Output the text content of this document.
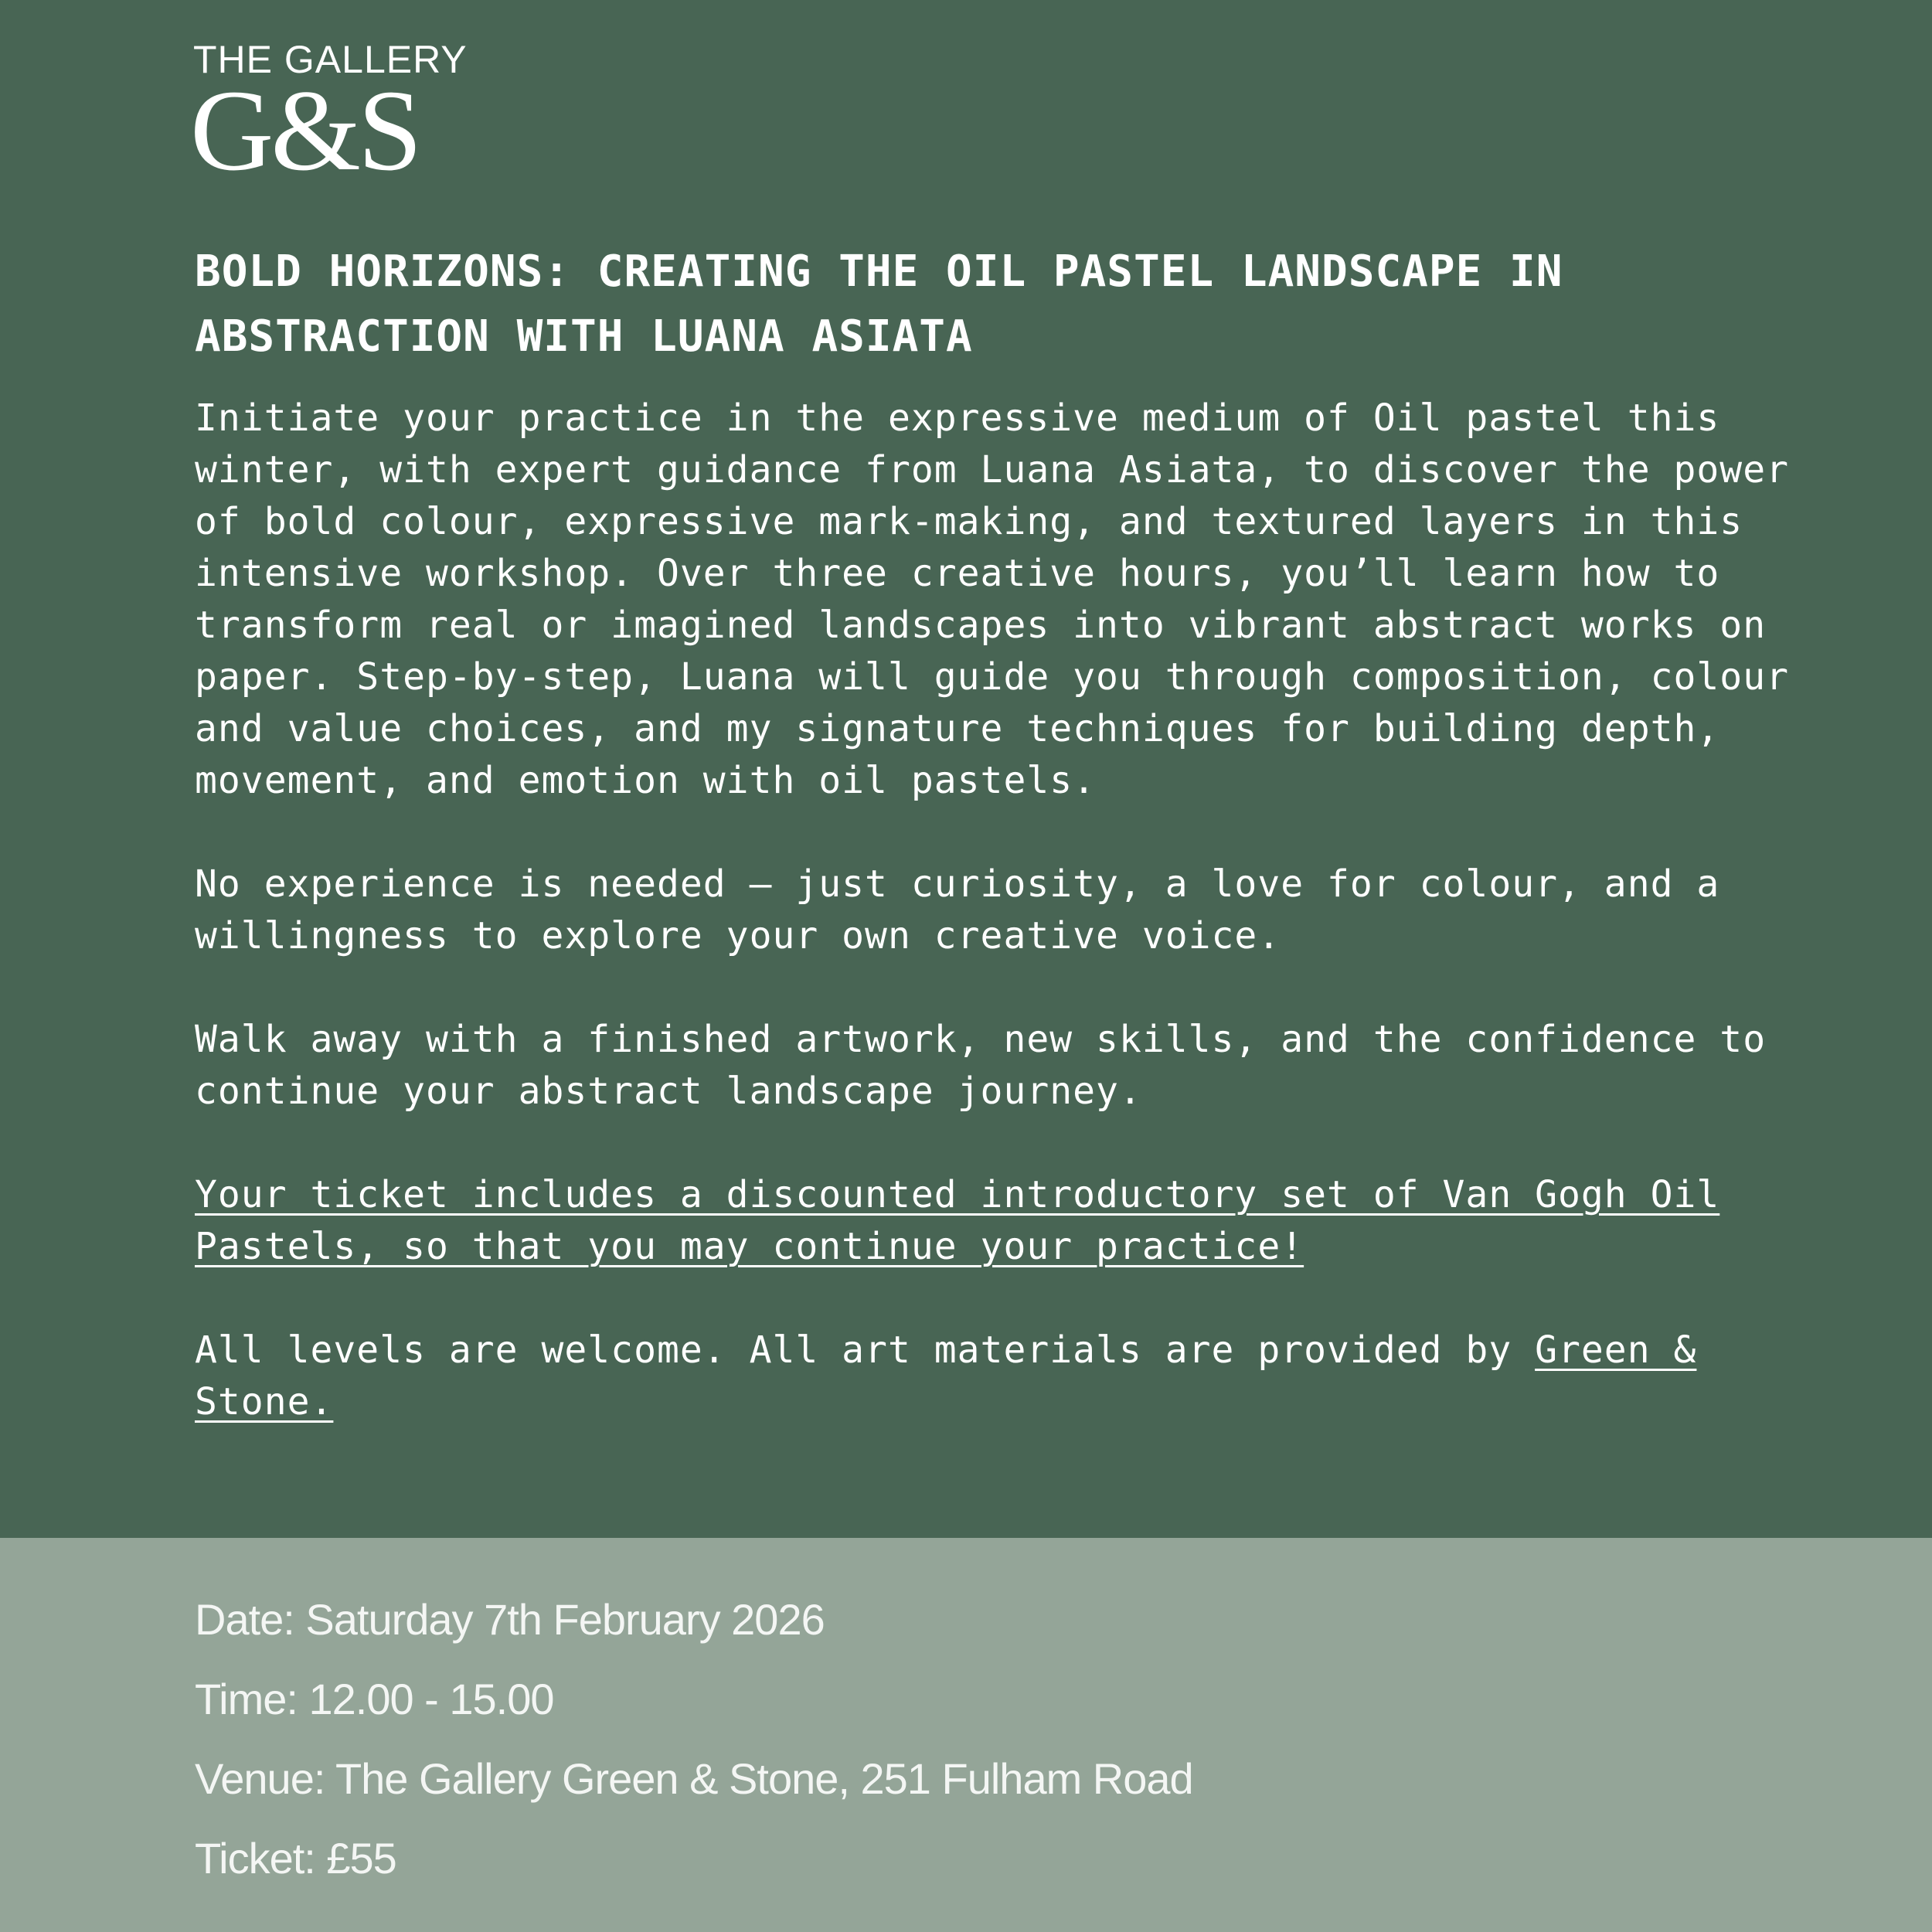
THE GALLERY
G&S
BOLD HORIZONS: CREATING THE OIL PASTEL LANDSCAPE IN ABSTRACTION WITH LUANA ASIATA

Initiate your practice in the expressive medium of Oil pastel this winter, with expert guidance from Luana Asiata, to discover the power of bold colour, expressive mark-making, and textured layers in this intensive workshop. Over three creative hours, you’ll learn how to transform real or imagined landscapes into vibrant abstract works on paper. Step-by-step, Luana will guide you through composition, colour and value choices, and my signature techniques for building depth, movement, and emotion with oil pastels.

No experience is needed — just curiosity, a love for colour, and a willingness to explore your own creative voice.

Walk away with a finished artwork, new skills, and the confidence to continue your abstract landscape journey.

Your ticket includes a discounted introductory set of Van Gogh Oil Pastels, so that you may continue your practice!

All levels are welcome. All art materials are provided by Green & Stone.

Date: Saturday 7th February 2026
Time: 12.00 - 15.00
Venue: The Gallery Green & Stone, 251 Fulham Road
Ticket: £55
